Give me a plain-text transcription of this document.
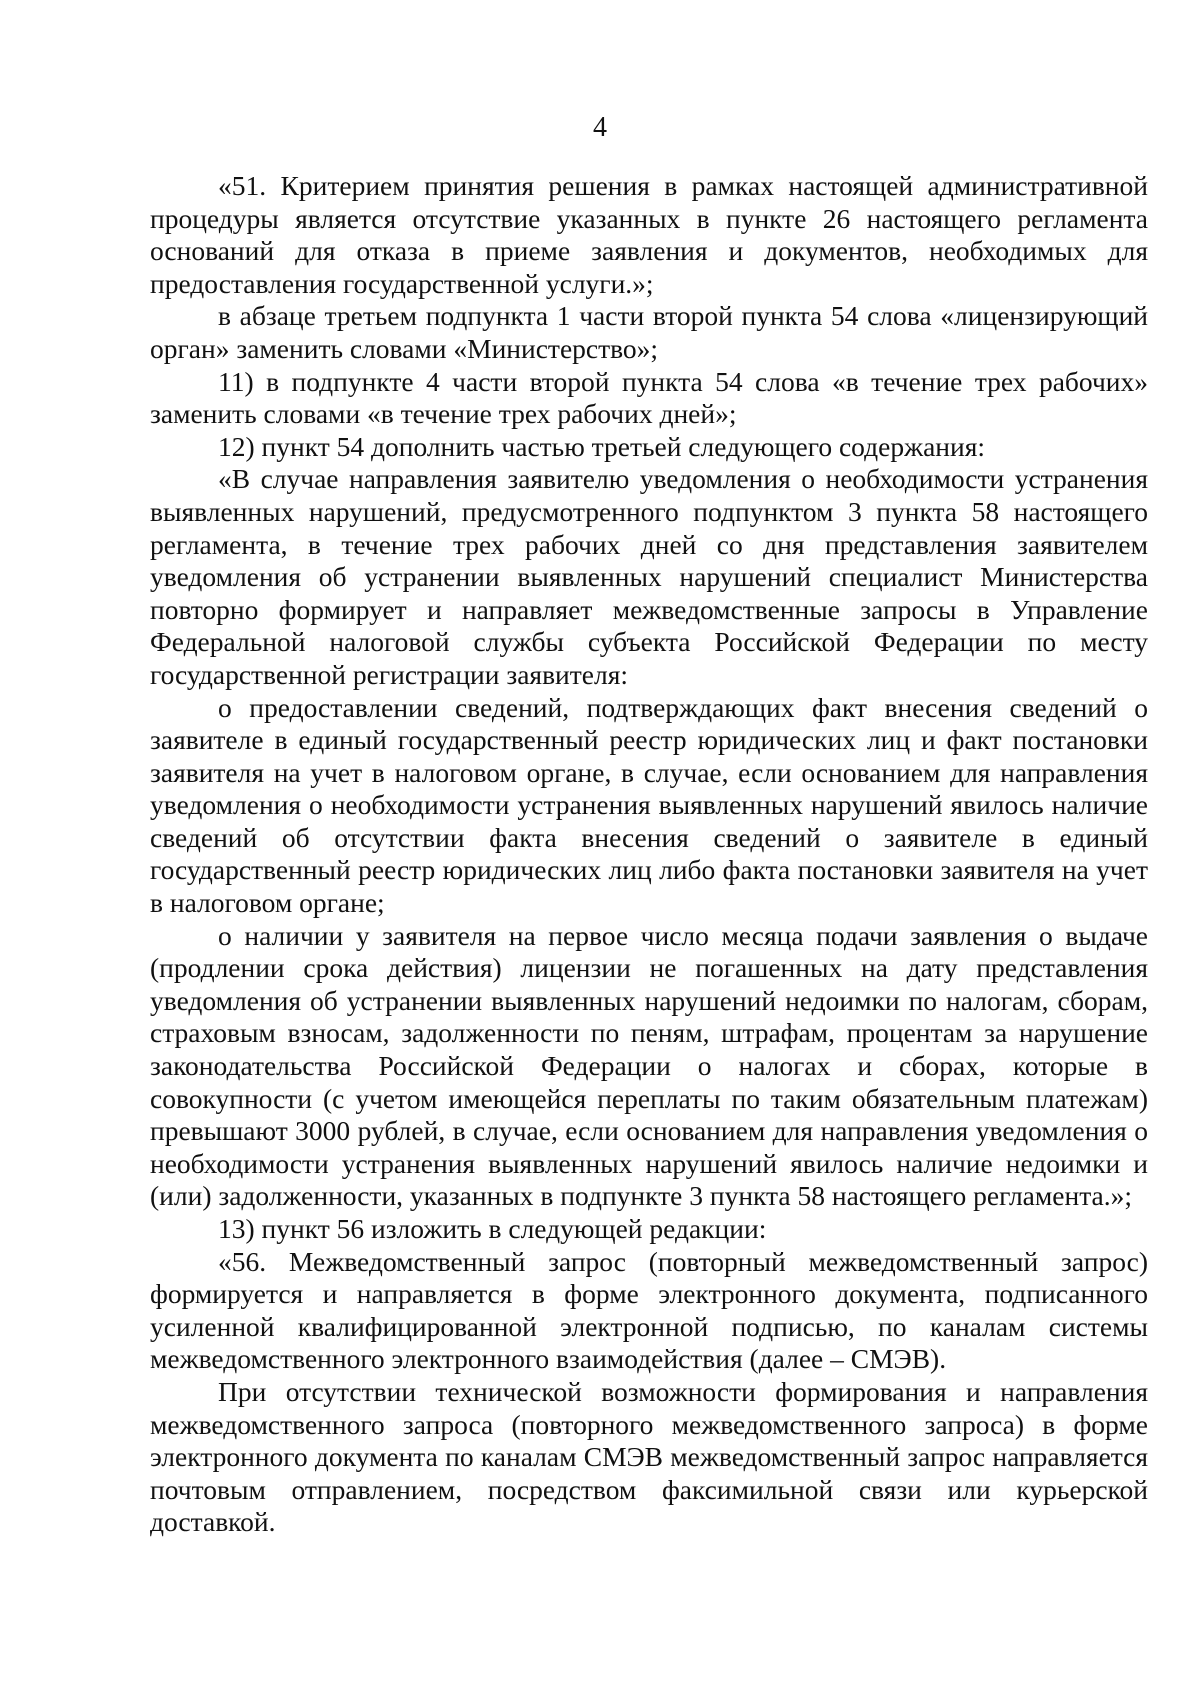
4

«51. Критерием принятия решения в рамках настоящей административной процедуры является отсутствие указанных в пункте 26 настоящего регламента оснований для отказа в приеме заявления и документов, необходимых для предоставления государственной услуги.»;

в абзаце третьем подпункта 1 части второй пункта 54 слова «лицензирующий орган» заменить словами «Министерство»;

11) в подпункте 4 части второй пункта 54 слова «в течение трех рабочих» заменить словами «в течение трех рабочих дней»;

12) пункт 54 дополнить частью третьей следующего содержания:

«В случае направления заявителю уведомления о необходимости устранения выявленных нарушений, предусмотренного подпунктом 3 пункта 58 настоящего регламента, в течение трех рабочих дней со дня представления заявителем уведомления об устранении выявленных нарушений специалист Министерства повторно формирует и направляет межведомственные запросы в Управление Федеральной налоговой службы субъекта Российской Федерации по месту государственной регистрации заявителя:

о предоставлении сведений, подтверждающих факт внесения сведений о заявителе в единый государственный реестр юридических лиц и факт постановки заявителя на учет в налоговом органе, в случае, если основанием для направления уведомления о необходимости устранения выявленных нарушений явилось наличие сведений об отсутствии факта внесения сведений о заявителе в единый государственный реестр юридических лиц либо факта постановки заявителя на учет в налоговом органе;

о наличии у заявителя на первое число месяца подачи заявления о выдаче (продлении срока действия) лицензии не погашенных на дату представления уведомления об устранении выявленных нарушений недоимки по налогам, сборам, страховым взносам, задолженности по пеням, штрафам, процентам за нарушение законодательства Российской Федерации о налогах и сборах, которые в совокупности (с учетом имеющейся переплаты по таким обязательным платежам) превышают 3000 рублей, в случае, если основанием для направления уведомления о необходимости устранения выявленных нарушений явилось наличие недоимки и (или) задолженности, указанных в подпункте 3 пункта 58 настоящего регламента.»;

13) пункт 56 изложить в следующей редакции:

«56. Межведомственный запрос (повторный межведомственный запрос) формируется и направляется в форме электронного документа, подписанного усиленной квалифицированной электронной подписью, по каналам системы межведомственного электронного взаимодействия (далее – СМЭВ).

При отсутствии технической возможности формирования и направления межведомственного запроса (повторного межведомственного запроса) в форме электронного документа по каналам СМЭВ межведомственный запрос направляется почтовым отправлением, посредством факсимильной связи или курьерской доставкой.
